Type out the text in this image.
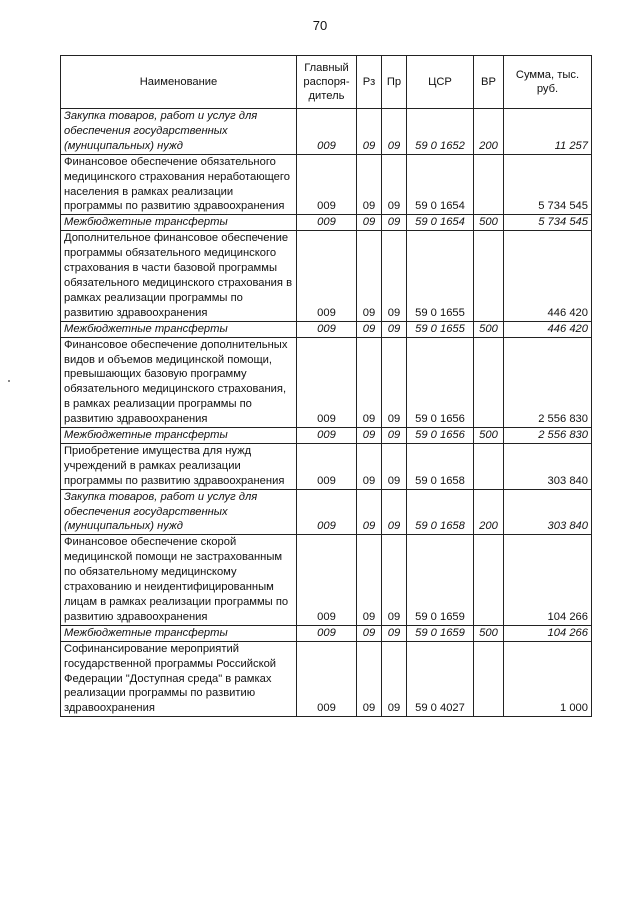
70
Наименование	Главный распоря-дитель	Рз	Пр	ЦСР	ВР	Сумма, тыс. руб.
Закупка товаров, работ и услуг для обеспечения государственных (муниципальных) нужд	009	09	09	59 0 1652	200	11 257
Финансовое обеспечение обязательного медицинского страхования неработающего населения в рамках реализации программы по развитию здравоохранения	009	09	09	59 0 1654		5 734 545
Межбюджетные трансферты	009	09	09	59 0 1654	500	5 734 545
Дополнительное финансовое обеспечение программы обязательного медицинского страхования в части базовой программы обязательного медицинского страхования в рамках реализации программы по развитию здравоохранения	009	09	09	59 0 1655		446 420
Межбюджетные трансферты	009	09	09	59 0 1655	500	446 420
Финансовое обеспечение дополнительных видов и объемов медицинской помощи, превышающих базовую программу обязательного медицинского страхования, в рамках реализации программы по развитию здравоохранения	009	09	09	59 0 1656		2 556 830
Межбюджетные трансферты	009	09	09	59 0 1656	500	2 556 830
Приобретение имущества для нужд учреждений в рамках реализации программы по развитию здравоохранения	009	09	09	59 0 1658		303 840
Закупка товаров, работ и услуг для обеспечения государственных (муниципальных) нужд	009	09	09	59 0 1658	200	303 840
Финансовое обеспечение скорой медицинской помощи не застрахованным по обязательному медицинскому страхованию и неидентифицированным лицам в рамках реализации программы по развитию здравоохранения	009	09	09	59 0 1659		104 266
Межбюджетные трансферты	009	09	09	59 0 1659	500	104 266
Софинансирование мероприятий государственной программы Российской Федерации "Доступная среда" в рамках реализации программы по развитию здравоохранения	009	09	09	59 0 4027		1 000
